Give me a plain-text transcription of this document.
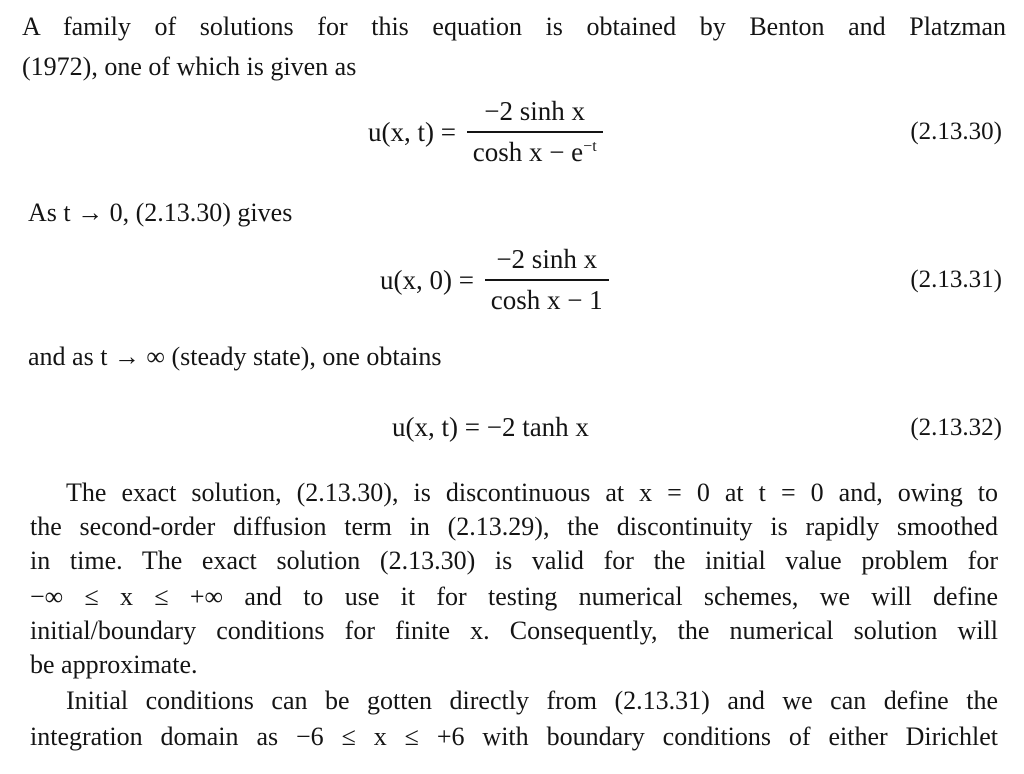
A family of solutions for this equation is obtained by Benton and Platzman
(1972), one of which is given as
u(x, $t) = \frac{\text{−2 sinh x}}{\cosh x - e^{-t}}$	(2.13.30)
As t → 0, (2.13.30) gives
u(x, $0) = \frac{\text{−2 sinh x}}{\text{cosh x − 1}}$	(2.13.31)
and as t → ∞ (steady state), one obtains
u(x, t) = −2 tanh x	(2.13.32)
The exact solution, (2.13.30), is discontinuous at x = 0 at t = 0 and, owing to
the second-order diffusion term in (2.13.29), the discontinuity is rapidly smoothed
in time. The exact solution (2.13.30) is valid for the initial value problem for
−∞ ≤ x ≤ +∞ and to use it for testing numerical schemes, we will define
initial/boundary conditions for finite x. Consequently, the numerical solution will
be approximate.
Initial conditions can be gotten directly from (2.13.31) and we can define the
integration domain as −6 ≤ x ≤ +6 with boundary conditions of either Dirichlet
